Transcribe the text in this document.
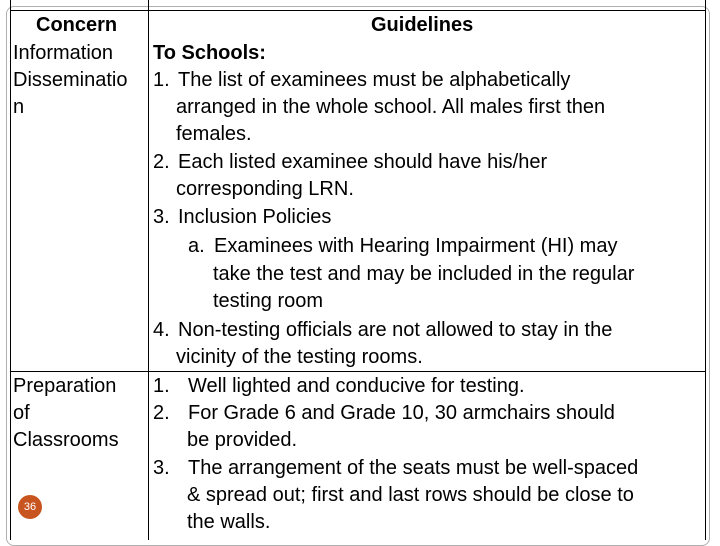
Concern	Guidelines
Information
Disseminatio
n
To Schools:
1. The list of examinees must be alphabetically
arranged in the whole school. All males first then
females.
2. Each listed examinee should have his/her
corresponding LRN.
3. Inclusion Policies
a. Examinees with Hearing Impairment (HI) may
take the test and may be included in the regular
testing room
4. Non-testing officials are not allowed to stay in the
vicinity of the testing rooms.
Preparation
of
Classrooms
1. Well lighted and conducive for testing.
2. For Grade 6 and Grade 10, 30 armchairs should
be provided.
3. The arrangement of the seats must be well-spaced
& spread out; first and last rows should be close to
the walls.
36
